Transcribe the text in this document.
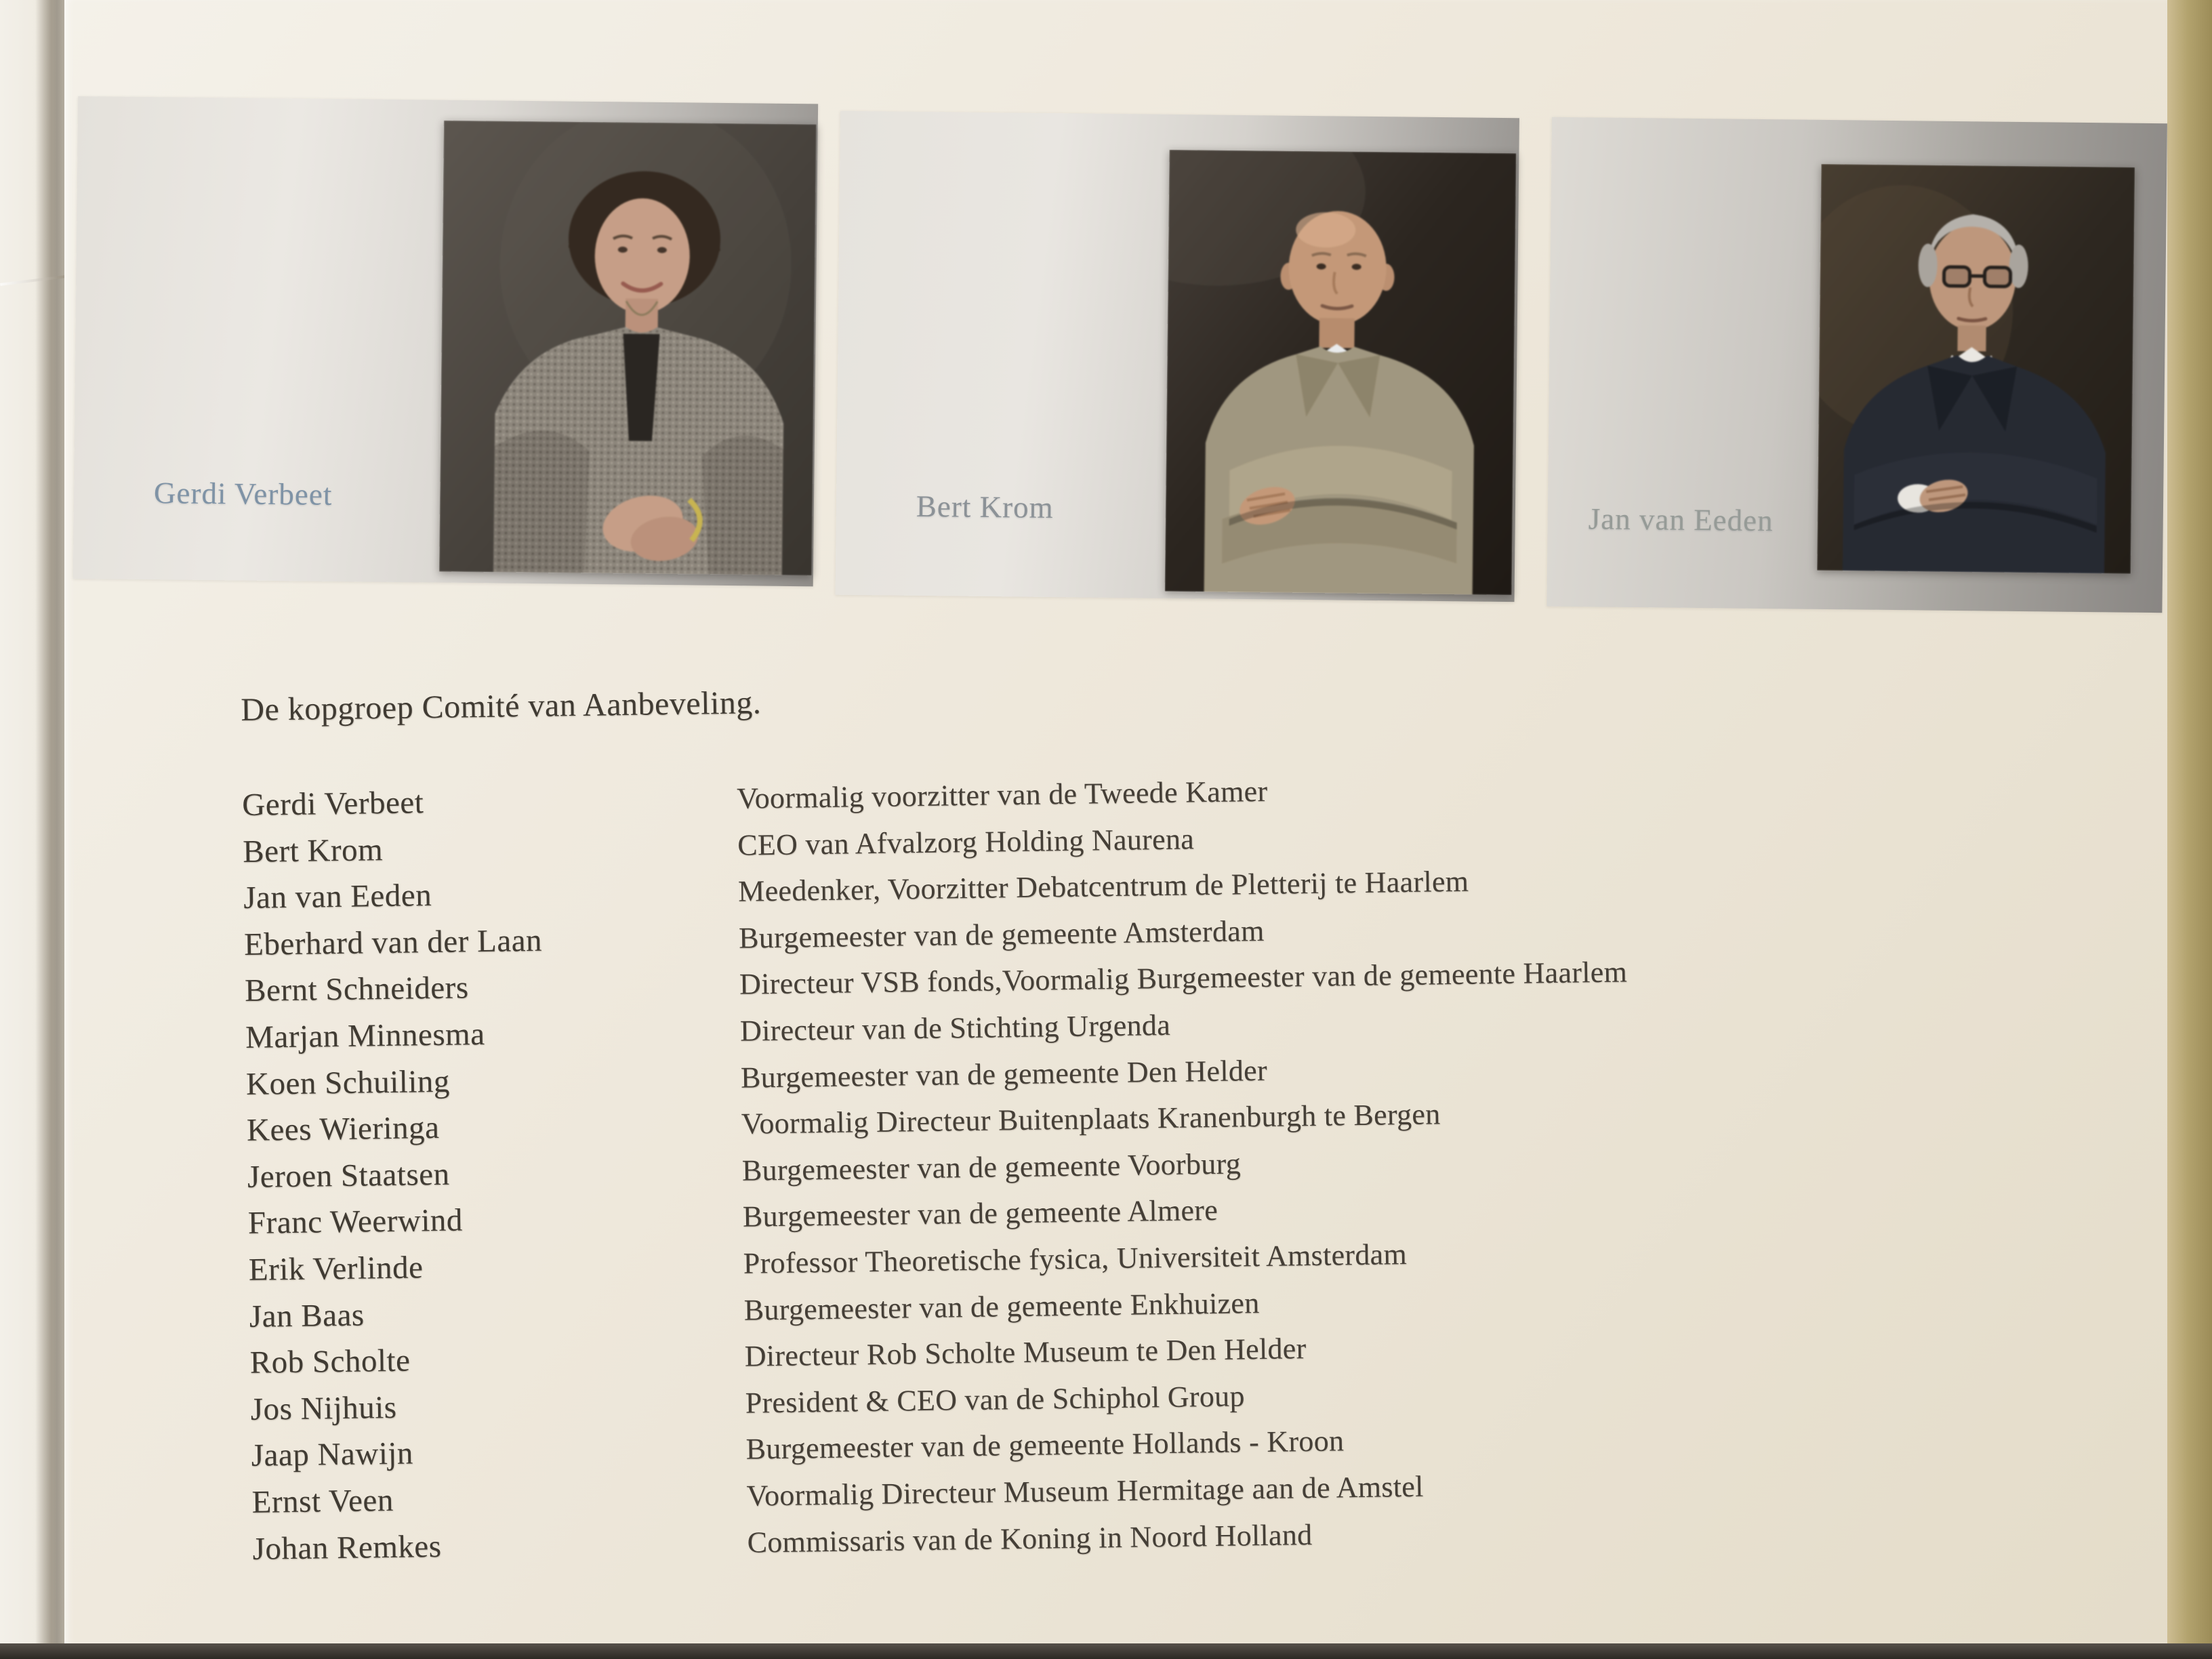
Gerdi Verbeet	Bert Krom	Jan van Eeden
De kopgroep Comité van Aanbeveling.
Gerdi Verbeet	Voormalig voorzitter van de Tweede Kamer
Bert Krom	CEO van Afvalzorg Holding Naurena
Jan van Eeden	Meedenker, Voorzitter Debatcentrum de Pletterij te Haarlem
Eberhard van der Laan	Burgemeester van de gemeente Amsterdam
Bernt Schneiders	Directeur VSB fonds,Voormalig Burgemeester van de gemeente Haarlem
Marjan Minnesma	Directeur van de Stichting Urgenda
Koen Schuiling	Burgemeester van de gemeente Den Helder
Kees Wieringa	Voormalig Directeur Buitenplaats Kranenburgh te Bergen
Jeroen Staatsen	Burgemeester van de gemeente Voorburg
Franc Weerwind	Burgemeester van de gemeente Almere
Erik Verlinde	Professor Theoretische fysica, Universiteit Amsterdam
Jan Baas	Burgemeester van de gemeente Enkhuizen
Rob Scholte	Directeur Rob Scholte Museum te Den Helder
Jos Nijhuis	President & CEO van de Schiphol Group
Jaap Nawijn	Burgemeester van de gemeente Hollands - Kroon
Ernst Veen	Voormalig Directeur Museum Hermitage aan de Amstel
Johan Remkes	Commissaris van de Koning in Noord Holland
